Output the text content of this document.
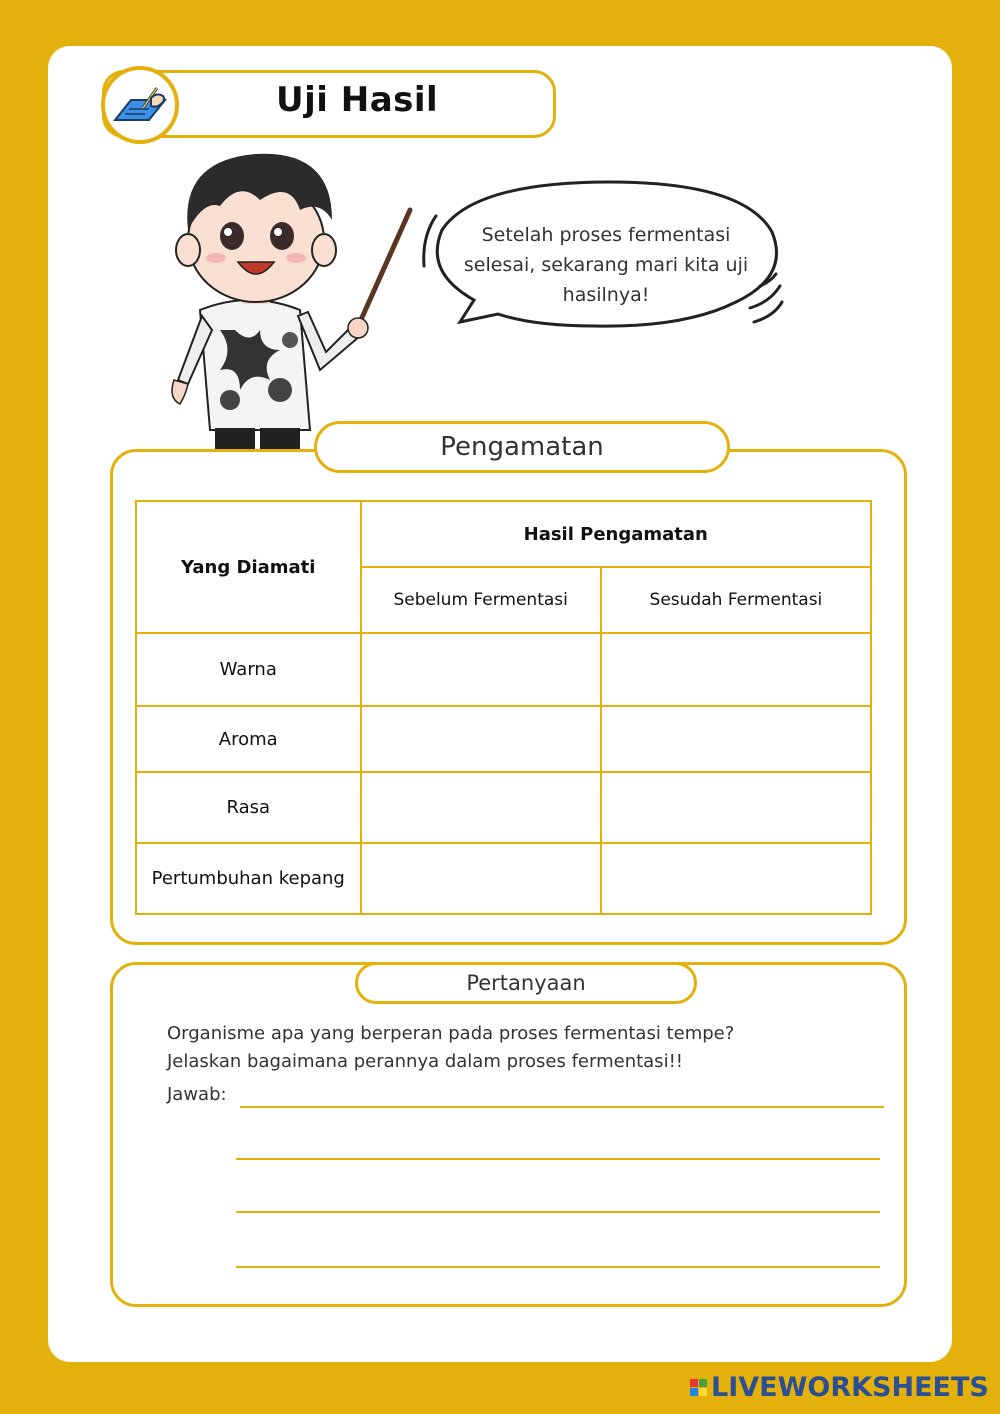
Uji Hasil
Setelah proses fermentasi selesai, sekarang mari kita uji hasilnya!
Pengamatan
Yang Diamati	Hasil Pengamatan	
	Sebelum Fermentasi	Sesudah Fermentasi
Warna		
Aroma		
Rasa		
Pertumbuhan kepang		
Pertanyaan
Organisme apa yang berperan pada proses fermentasi tempe?
Jelaskan bagaimana perannya dalam proses fermentasi!!
Jawab:
LIVEWORKSHEETS
